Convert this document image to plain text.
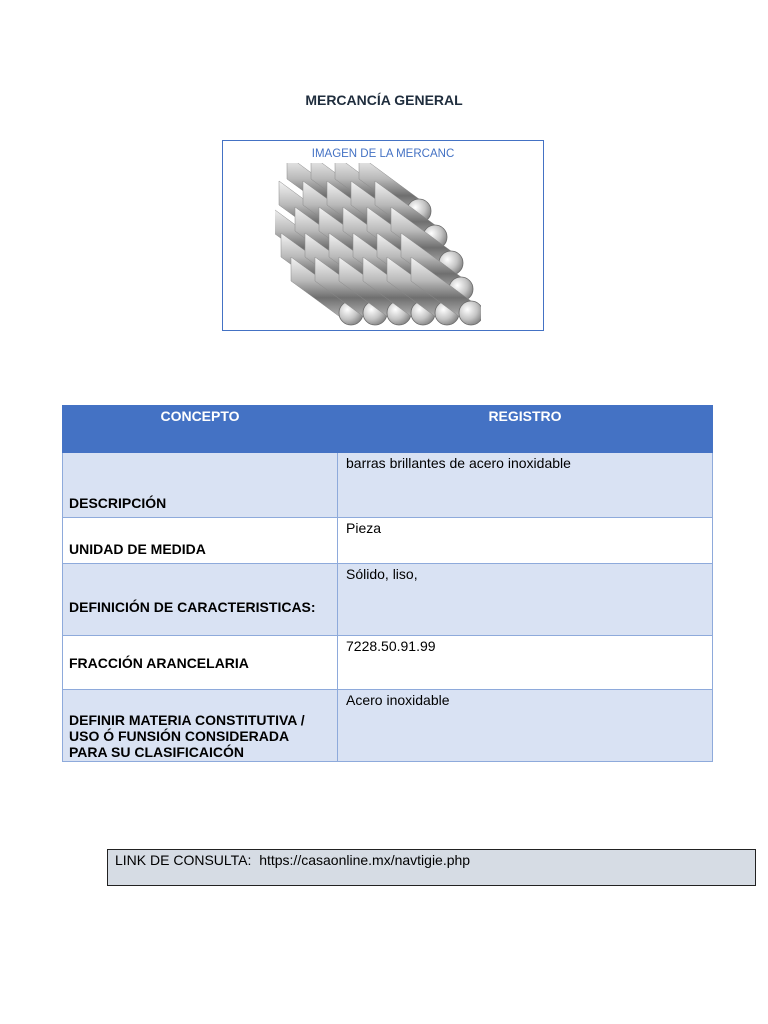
MERCANCÍA GENERAL
IMAGEN DE LA MERCANC
CONCEPTO	REGISTRO
DESCRIPCIÓN	barras brillantes de acero inoxidable
UNIDAD DE MEDIDA	Pieza
DEFINICIÓN DE CARACTERISTICAS:	Sólido, liso,
FRACCIÓN ARANCELARIA	7228.50.91.99
DEFINIR MATERIA CONSTITUTIVA / USO Ó FUNSIÓN CONSIDERADA PARA SU CLASIFICAICÓN	Acero inoxidable
LINK DE CONSULTA: https://casaonline.mx/navtigie.php
